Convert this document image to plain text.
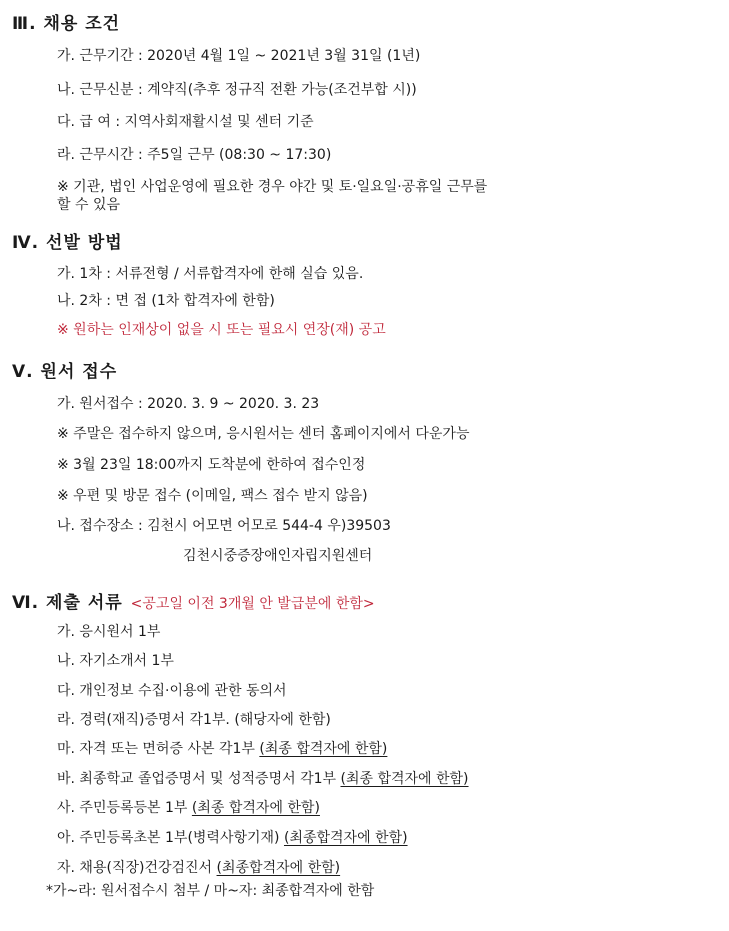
Ⅲ. 채용 조건
가. 근무기간 : 2020년 4월 1일 ~ 2021년 3월 31일 (1년)
나. 근무신분 : 계약직(추후 정규직 전환 가능(조건부합 시))
다. 급 여 : 지역사회재활시설 및 센터 기준
라. 근무시간 : 주5일 근무 (08:30 ~ 17:30)
※ 기관, 법인 사업운영에 필요한 경우 야간 및 토·일요일·공휴일 근무를
할 수 있음
Ⅳ. 선발 방법
가. 1차 : 서류전형 / 서류합격자에 한해 실습 있음.
나. 2차 : 면 접 (1차 합격자에 한함)
※ 원하는 인재상이 없을 시 또는 필요시 연장(재) 공고
Ⅴ. 원서 접수
가. 원서접수 : 2020. 3. 9 ~ 2020. 3. 23
※ 주말은 접수하지 않으며, 응시원서는 센터 홈페이지에서 다운가능
※ 3월 23일 18:00까지 도착분에 한하여 접수인정
※ 우편 및 방문 접수 (이메일, 팩스 접수 받지 않음)
나. 접수장소 : 김천시 어모면 어모로 544-4 우)39503
김천시중증장애인자립지원센터
Ⅵ. 제출 서류 <공고일 이전 3개월 안 발급분에 한함>
가. 응시원서 1부
나. 자기소개서 1부
다. 개인정보 수집·이용에 관한 동의서
라. 경력(재직)증명서 각1부. (해당자에 한함)
마. 자격 또는 면허증 사본 각1부 (최종 합격자에 한함)
바. 최종학교 졸업증명서 및 성적증명서 각1부 (최종 합격자에 한함)
사. 주민등록등본 1부 (최종 합격자에 한함)
아. 주민등록초본 1부(병력사항기재) (최종합격자에 한함)
자. 채용(직장)건강검진서 (최종합격자에 한함)
*가~라: 원서접수시 첨부 / 마~자: 최종합격자에 한함
